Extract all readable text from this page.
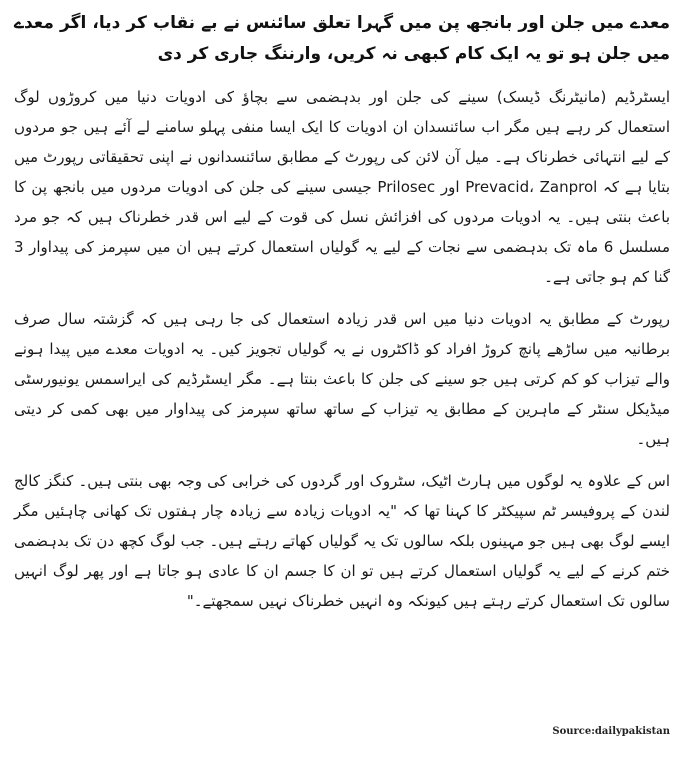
معدے میں جلن اور بانجھ پن میں گہرا تعلق سائنس نے بے نقاب کر دیا، اگر معدے میں جلن ہو تو یہ ایک کام کبھی نہ کریں، وارننگ جاری کر دی

ایسٹرڈیم (مانیٹرنگ ڈیسک) سینے کی جلن اور بدہضمی سے بچاؤ کی ادویات دنیا میں کروڑوں لوگ استعمال کر رہے ہیں مگر اب سائنسدان ان ادویات کا ایک ایسا منفی پہلو سامنے لے آئے ہیں جو مردوں کے لیے انتہائی خطرناک ہے۔ میل آن لائن کی رپورٹ کے مطابق سائنسدانوں نے اپنی تحقیقاتی رپورٹ میں بتایا ہے کہ Prevacid، Zanprol اور Prilosec جیسی سینے کی جلن کی ادویات مردوں میں بانجھ پن کا باعث بنتی ہیں۔ یہ ادویات مردوں کی افزائش نسل کی قوت کے لیے اس قدر خطرناک ہیں کہ جو مرد مسلسل 6 ماہ تک بدہضمی سے نجات کے لیے یہ گولیاں استعمال کرتے ہیں ان میں سپرمز کی پیداوار 3 گنا کم ہو جاتی ہے۔

رپورٹ کے مطابق یہ ادویات دنیا میں اس قدر زیادہ استعمال کی جا رہی ہیں کہ گزشتہ سال صرف برطانیہ میں ساڑھے پانچ کروڑ افراد کو ڈاکٹروں نے یہ گولیاں تجویز کیں۔ یہ ادویات معدے میں پیدا ہونے والے تیزاب کو کم کرتی ہیں جو سینے کی جلن کا باعث بنتا ہے۔ مگر ایسٹرڈیم کی ایراسمس یونیورسٹی میڈیکل سنٹر کے ماہرین کے مطابق یہ تیزاب کے ساتھ ساتھ سپرمز کی پیداوار میں بھی کمی کر دیتی ہیں۔

اس کے علاوہ یہ لوگوں میں ہارٹ اٹیک، سٹروک اور گردوں کی خرابی کی وجہ بھی بنتی ہیں۔ کنگز کالج لندن کے پروفیسر ٹم سپیکٹر کا کہنا تھا کہ "یہ ادویات زیادہ سے زیادہ چار ہفتوں تک کھانی چاہئیں مگر ایسے لوگ بھی ہیں جو مہینوں بلکہ سالوں تک یہ گولیاں کھاتے رہتے ہیں۔ جب لوگ کچھ دن تک بدہضمی ختم کرنے کے لیے یہ گولیاں استعمال کرتے ہیں تو ان کا جسم ان کا عادی ہو جاتا ہے اور پھر لوگ انہیں سالوں تک استعمال کرتے رہتے ہیں کیونکہ وہ انہیں خطرناک نہیں سمجھتے۔"

Source:dailypakistan
